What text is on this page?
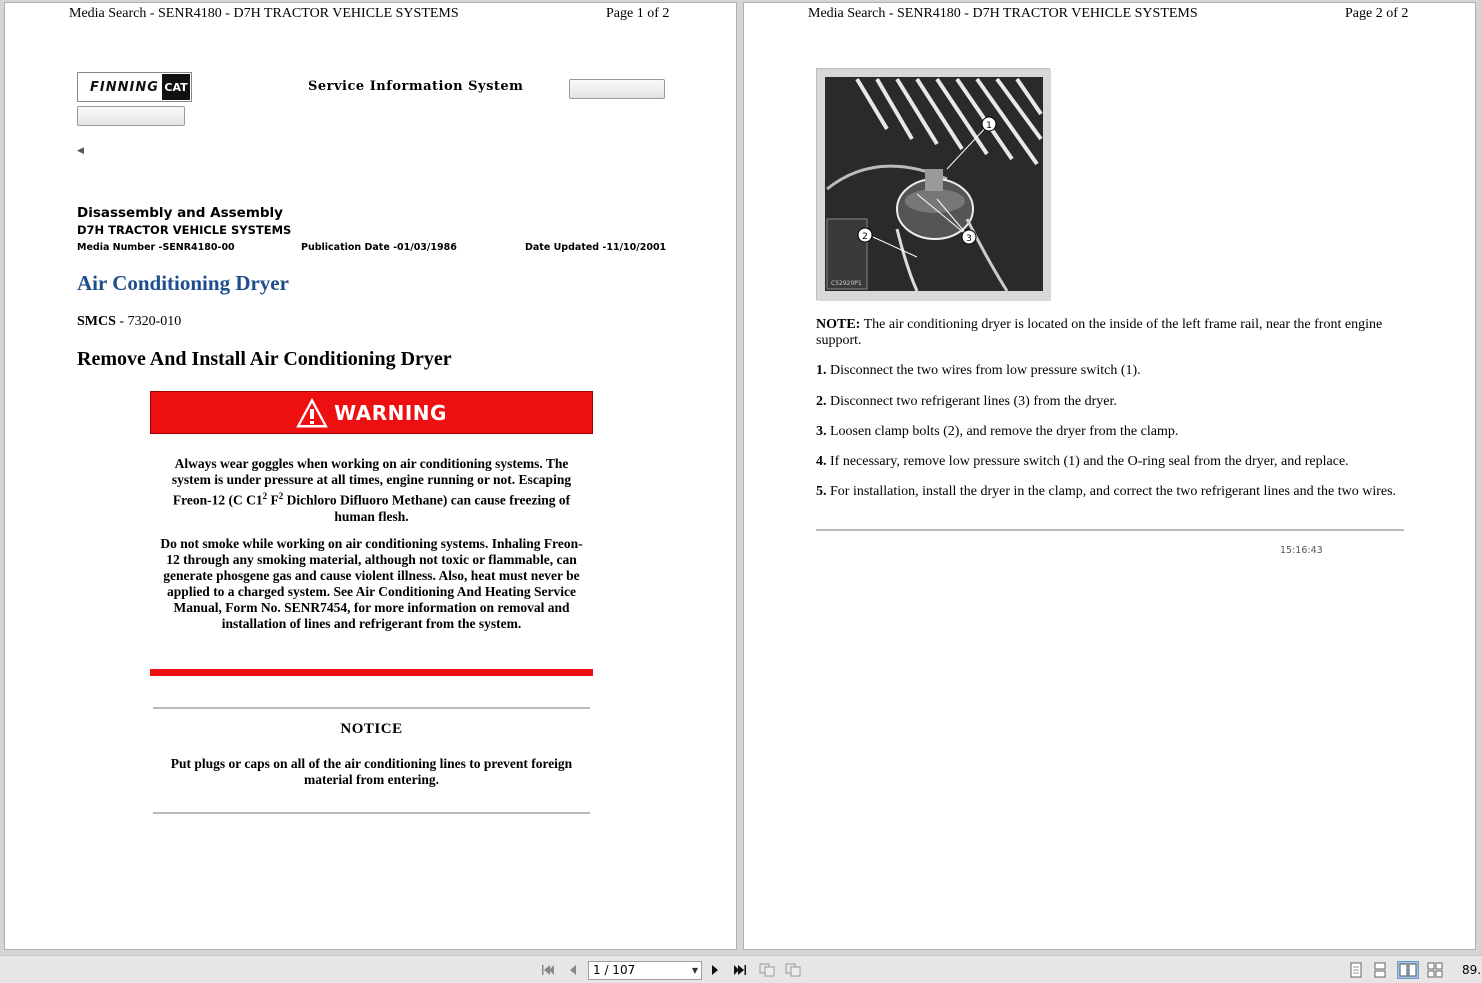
Media Search - SENR4180 - D7H TRACTOR VEHICLE SYSTEMS	Page 1 of 2
FINNING CAT	Service Information System
◀
Disassembly and Assembly
D7H TRACTOR VEHICLE SYSTEMS
Media Number -SENR4180-00	Publication Date -01/03/1986	Date Updated -11/10/2001
Air Conditioning Dryer
SMCS - 7320-010
Remove And Install Air Conditioning Dryer
WARNING
Always wear goggles when working on air conditioning systems. The system is under pressure at all times, engine running or not. Escaping Freon-12 (C $C1^2$ $F^2$ Dichloro Difluoro Methane) can cause freezing of human flesh.
Do not smoke while working on air conditioning systems. Inhaling Freon-12 through any smoking material, although not toxic or flammable, can generate phosgene gas and cause violent illness. Also, heat must never be applied to a charged system. See Air Conditioning And Heating Service Manual, Form No. SENR7454, for more information on removal and installation of lines and refrigerant from the system.
NOTICE
Put plugs or caps on all of the air conditioning lines to prevent foreign material from entering.
Media Search - SENR4180 - D7H TRACTOR VEHICLE SYSTEMS	Page 2 of 2
1
2	3
C52920P1
NOTE: The air conditioning dryer is located on the inside of the left frame rail, near the front engine support.
1. Disconnect the two wires from low pressure switch (1).
2. Disconnect two refrigerant lines (3) from the dryer.
3. Loosen clamp bolts (2), and remove the dryer from the clamp.
4. If necessary, remove low pressure switch (1) and the O-ring seal from the dryer, and replace.
5. For installation, install the dryer in the clamp, and correct the two refrigerant lines and the two wires.
15:16:43
1 / 107	▼	89.
